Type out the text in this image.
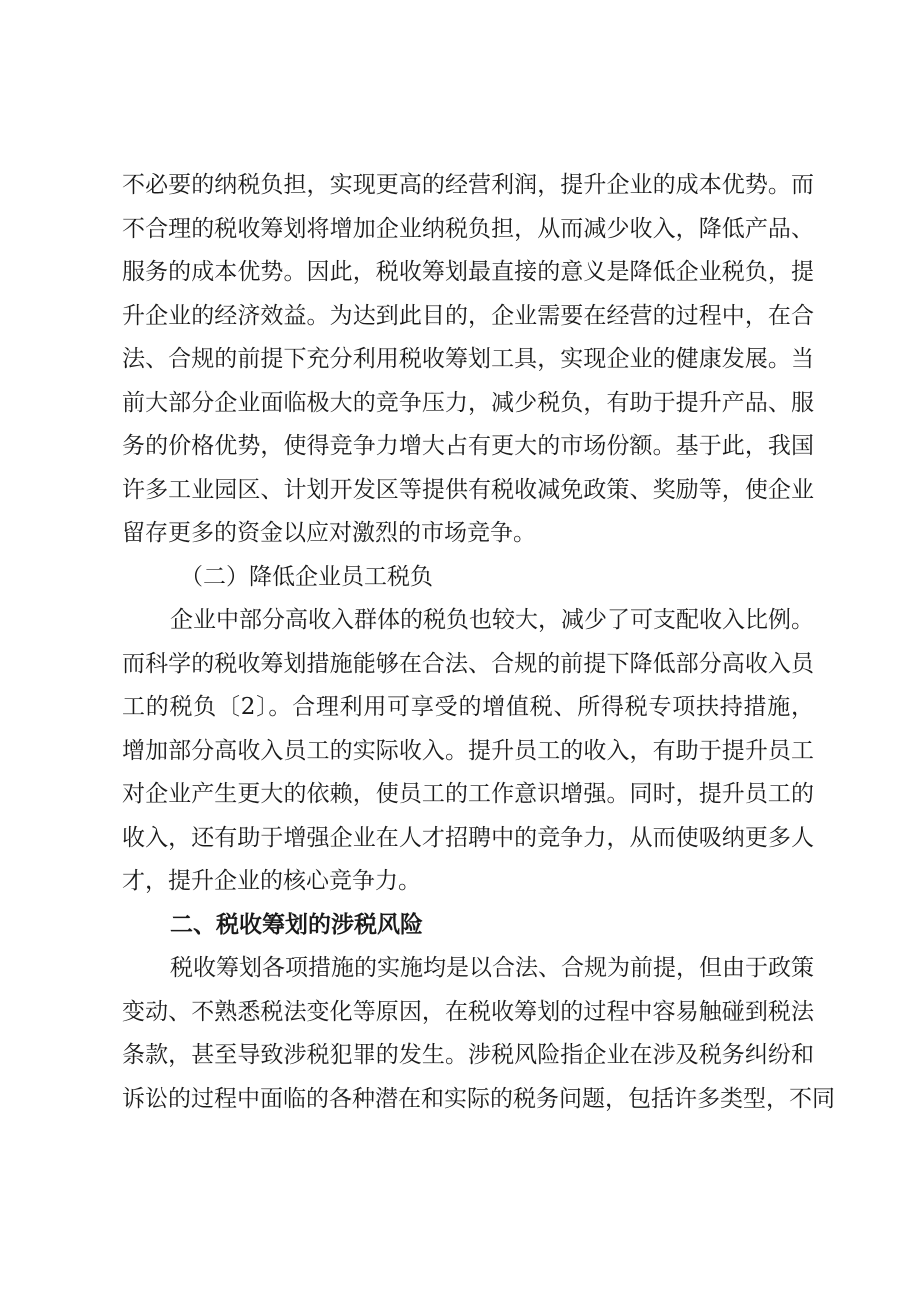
不必要的纳税负担，实现更高的经营利润，提升企业的成本优势。而
不合理的税收筹划将增加企业纳税负担，从而减少收入，降低产品、
服务的成本优势。因此，税收筹划最直接的意义是降低企业税负，提
升企业的经济效益。为达到此目的，企业需要在经营的过程中，在合
法、合规的前提下充分利用税收筹划工具，实现企业的健康发展。当
前大部分企业面临极大的竞争压力，减少税负，有助于提升产品、服
务的价格优势，使得竞争力增大占有更大的市场份额。基于此，我国
许多工业园区、计划开发区等提供有税收减免政策、奖励等，使企业
留存更多的资金以应对激烈的市场竞争。
（二）降低企业员工税负
企业中部分高收入群体的税负也较大，减少了可支配收入比例。
而科学的税收筹划措施能够在合法、合规的前提下降低部分高收入员
工的税负〔2〕。合理利用可享受的增值税、所得税专项扶持措施，
增加部分高收入员工的实际收入。提升员工的收入，有助于提升员工
对企业产生更大的依赖，使员工的工作意识增强。同时，提升员工的
收入，还有助于增强企业在人才招聘中的竞争力，从而使吸纳更多人
才，提升企业的核心竞争力。
二、税收筹划的涉税风险
税收筹划各项措施的实施均是以合法、合规为前提，但由于政策
变动、不熟悉税法变化等原因，在税收筹划的过程中容易触碰到税法
条款，甚至导致涉税犯罪的发生。涉税风险指企业在涉及税务纠纷和
诉讼的过程中面临的各种潜在和实际的税务问题，包括许多类型，不同
